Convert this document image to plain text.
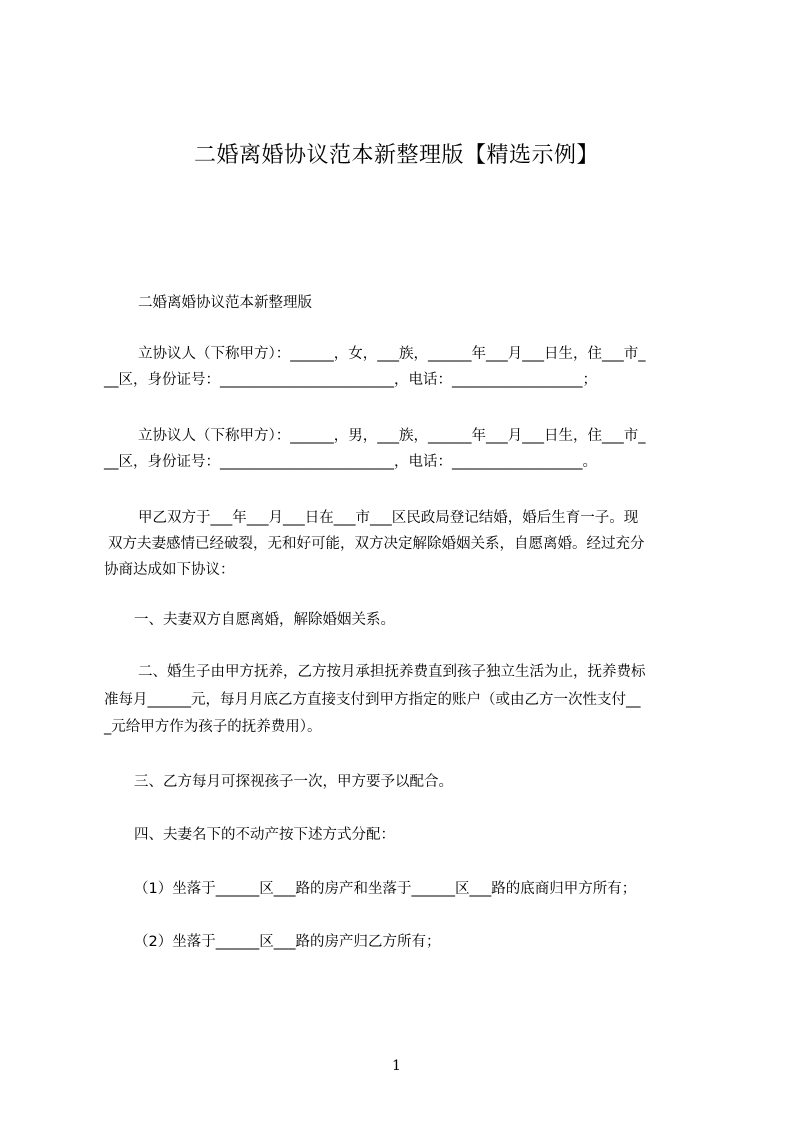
二婚离婚协议范本新整理版【精选示例】
二婚离婚协议范本新整理版
立协议人（下称甲方）：______，女，___族，______年___月___日生，住___市_
__区，身份证号：________________________，电话：__________________；
立协议人（下称甲方）：______，男，___族，______年___月___日生，住___市_
__区，身份证号：________________________，电话：__________________。
甲乙双方于___年___月___日在___市___区民政局登记结婚，婚后生育一子。现
双方夫妻感情已经破裂，无和好可能，双方决定解除婚姻关系，自愿离婚。经过充分
协商达成如下协议：
一、夫妻双方自愿离婚，解除婚姻关系。
二、婚生子由甲方抚养，乙方按月承担抚养费直到孩子独立生活为止，抚养费标
准每月______元，每月月底乙方直接支付到甲方指定的账户（或由乙方一次性支付__
_元给甲方作为孩子的抚养费用）。
三、乙方每月可探视孩子一次，甲方要予以配合。
四、夫妻名下的不动产按下述方式分配：
（1）坐落于______区___路的房产和坐落于______区___路的底商归甲方所有；
（2）坐落于______区___路的房产归乙方所有；
1
